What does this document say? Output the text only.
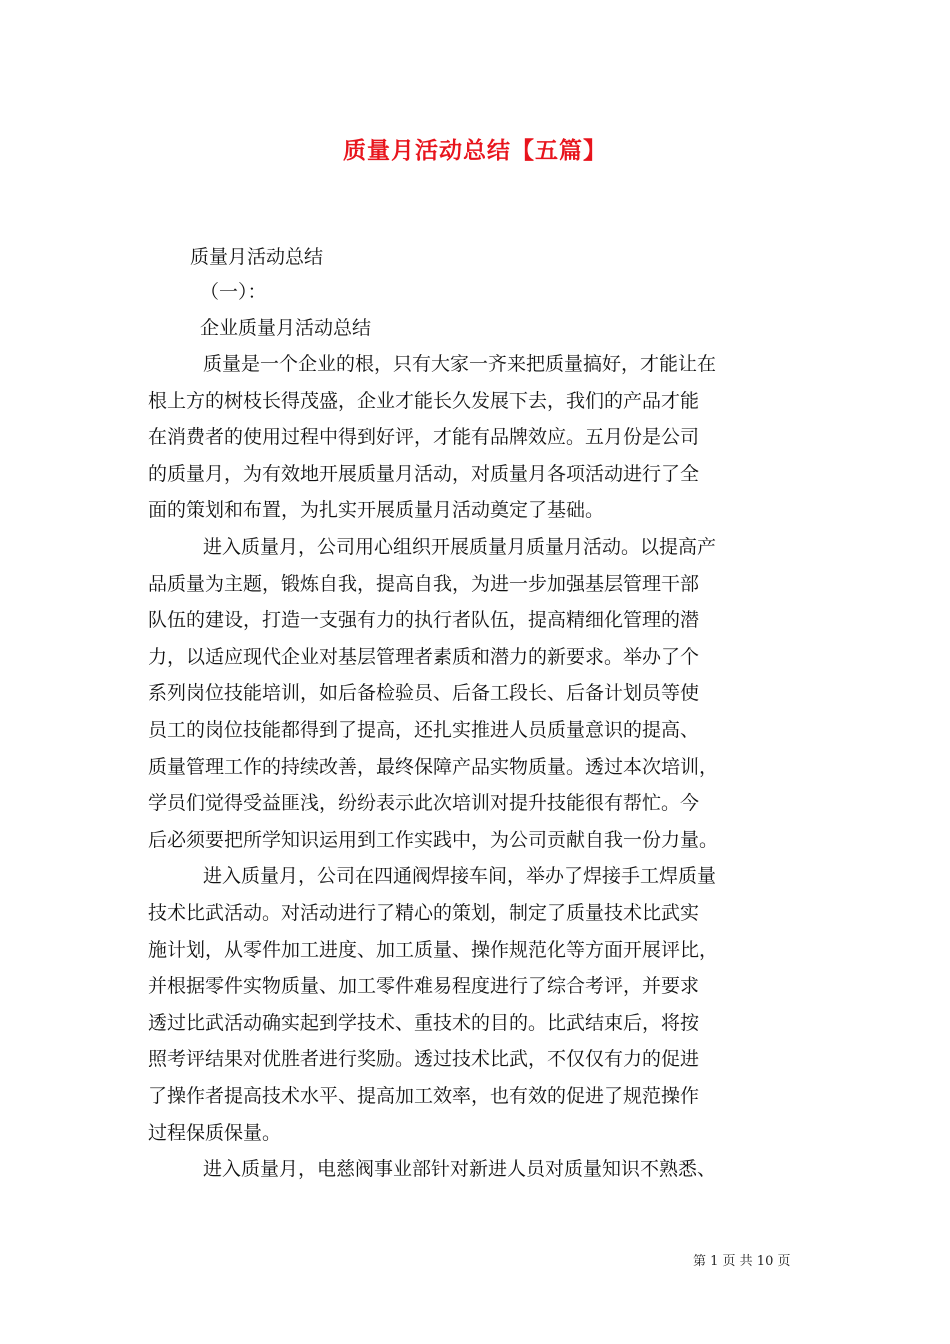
质量月活动总结【五篇】
质量月活动总结
（一）：
企业质量月活动总结
质量是一个企业的根，只有大家一齐来把质量搞好，才能让在
根上方的树枝长得茂盛，企业才能长久发展下去，我们的产品才能
在消费者的使用过程中得到好评，才能有品牌效应。五月份是公司
的质量月，为有效地开展质量月活动，对质量月各项活动进行了全
面的策划和布置，为扎实开展质量月活动奠定了基础。
进入质量月，公司用心组织开展质量月质量月活动。以提高产
品质量为主题，锻炼自我，提高自我，为进一步加强基层管理干部
队伍的建设，打造一支强有力的执行者队伍，提高精细化管理的潜
力，以适应现代企业对基层管理者素质和潜力的新要求。举办了个
系列岗位技能培训，如后备检验员、后备工段长、后备计划员等使
员工的岗位技能都得到了提高，还扎实推进人员质量意识的提高、
质量管理工作的持续改善，最终保障产品实物质量。透过本次培训，
学员们觉得受益匪浅，纷纷表示此次培训对提升技能很有帮忙。今
后必须要把所学知识运用到工作实践中，为公司贡献自我一份力量。
进入质量月，公司在四通阀焊接车间，举办了焊接手工焊质量
技术比武活动。对活动进行了精心的策划，制定了质量技术比武实
施计划，从零件加工进度、加工质量、操作规范化等方面开展评比，
并根据零件实物质量、加工零件难易程度进行了综合考评，并要求
透过比武活动确实起到学技术、重技术的目的。比武结束后，将按
照考评结果对优胜者进行奖励。透过技术比武，不仅仅有力的促进
了操作者提高技术水平、提高加工效率，也有效的促进了规范操作
过程保质保量。
进入质量月，电慈阀事业部针对新进人员对质量知识不熟悉、
第 1 页 共 10 页
